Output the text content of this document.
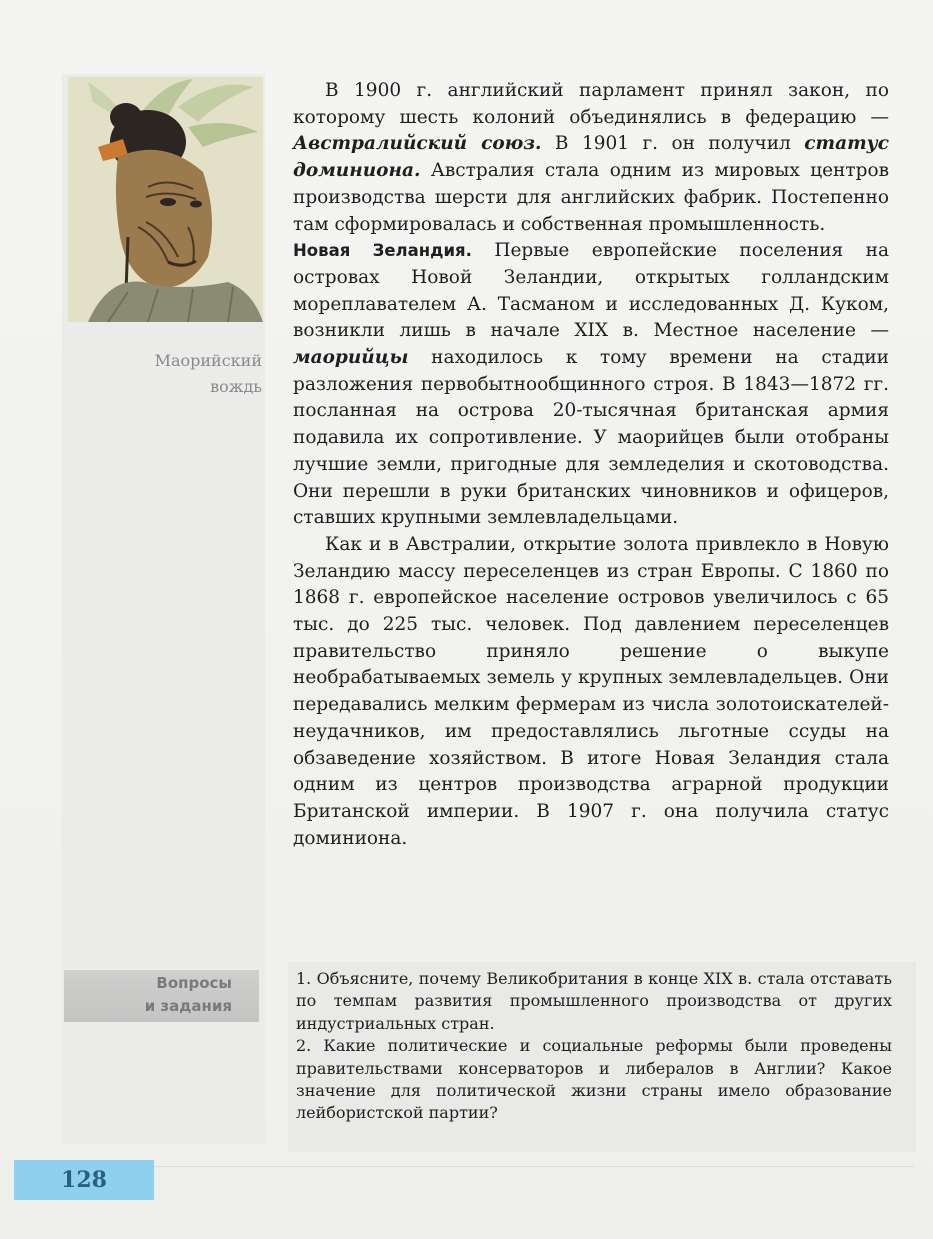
Маорийский
вождь

В 1900 г. английский парламент принял закон, по которому шесть колоний объединялись в федерацию — Австралийский союз. В 1901 г. он получил статус доминиона. Австралия стала одним из мировых центров производства шерсти для английских фабрик. Постепенно там сформировалась и собственная промышленность.

Новая Зеландия. Первые европейские поселения на островах Новой Зеландии, открытых голландским мореплавателем А. Тасманом и исследованных Д. Куком, возникли лишь в начале XIX в. Местное население — маорийцы находилось к тому времени на стадии разложения первобытнообщинного строя. В 1843—1872 гг. посланная на острова 20-тысячная британская армия подавила их сопротивление. У маорийцев были отобраны лучшие земли, пригодные для земледелия и скотоводства. Они перешли в руки британских чиновников и офицеров, ставших крупными землевладельцами.

Как и в Австралии, открытие золота привлекло в Новую Зеландию массу переселенцев из стран Европы. С 1860 по 1868 г. европейское население островов увеличилось с 65 тыс. до 225 тыс. человек. Под давлением переселенцев правительство приняло решение о выкупе необрабатываемых земель у крупных землевладельцев. Они передавались мелким фермерам из числа золотоискателей-неудачников, им предоставлялись льготные ссуды на обзаведение хозяйством. В итоге Новая Зеландия стала одним из центров производства аграрной продукции Британской империи. В 1907 г. она получила статус доминиона.

Вопросы
и задания

1. Объясните, почему Великобритания в конце XIX в. стала отставать по темпам развития промышленного производства от других индустриальных стран.

2. Какие политические и социальные реформы были проведены правительствами консерваторов и либералов в Англии? Какое значение для политической жизни страны имело образование лейбористской партии?

128
